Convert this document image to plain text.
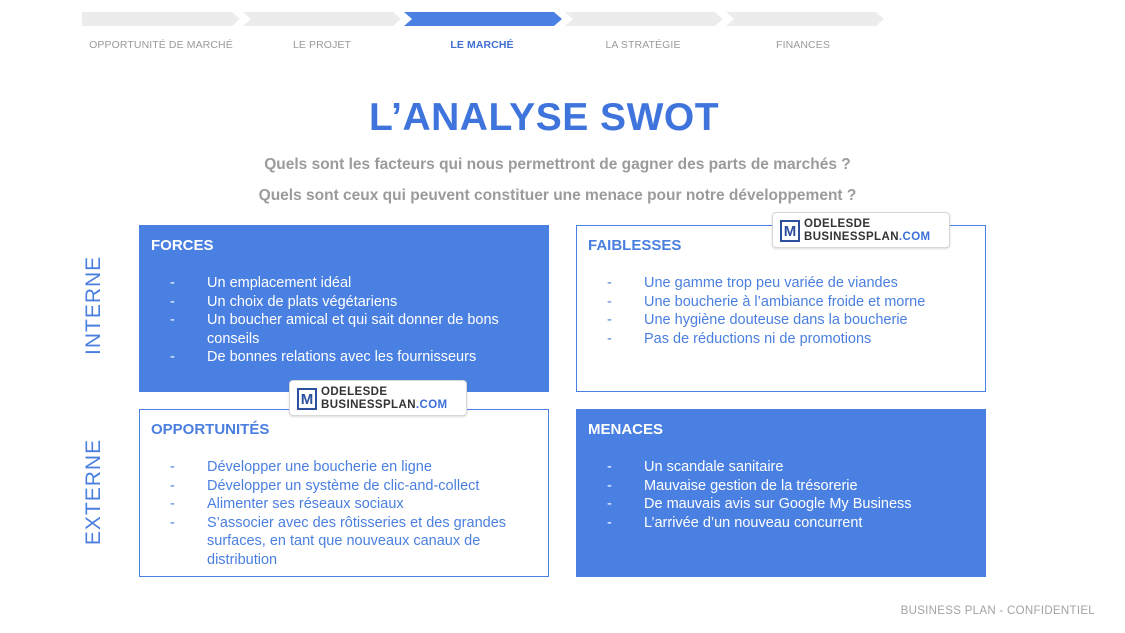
OPPORTUNITÉ DE MARCHÉ	LE PROJET	LE MARCHÉ	LA STRATÉGIE	FINANCES
L’ANALYSE SWOT

Quels sont les facteurs qui nous permettront de gagner des parts de marchés ?

Quels sont ceux qui peuvent constituer une menace pour notre développement ?

INTERNE
EXTERNE
FORCES
- Un emplacement idéal
- Un choix de plats végétariens
- Un boucher amical et qui sait donner de bons conseils
- De bonnes relations avec les fournisseurs
FAIBLESSES
- Une gamme trop peu variée de viandes
- Une boucherie à l’ambiance froide et morne
- Une hygiène douteuse dans la boucherie
- Pas de réductions ni de promotions
OPPORTUNITÉS
- Développer une boucherie en ligne
- Développer un système de clic-and-collect
- Alimenter ses réseaux sociaux
- S’associer avec des rôtisseries et des grandes surfaces, en tant que nouveaux canaux de distribution
MENACES
- Un scandale sanitaire
- Mauvaise gestion de la trésorerie
- De mauvais avis sur Google My Business
- L’arrivée d’un nouveau concurrent
M ODELESDE
BUSINESSPLAN.COM
M ODELESDE
BUSINESSPLAN.COM
BUSINESS PLAN - CONFIDENTIEL
